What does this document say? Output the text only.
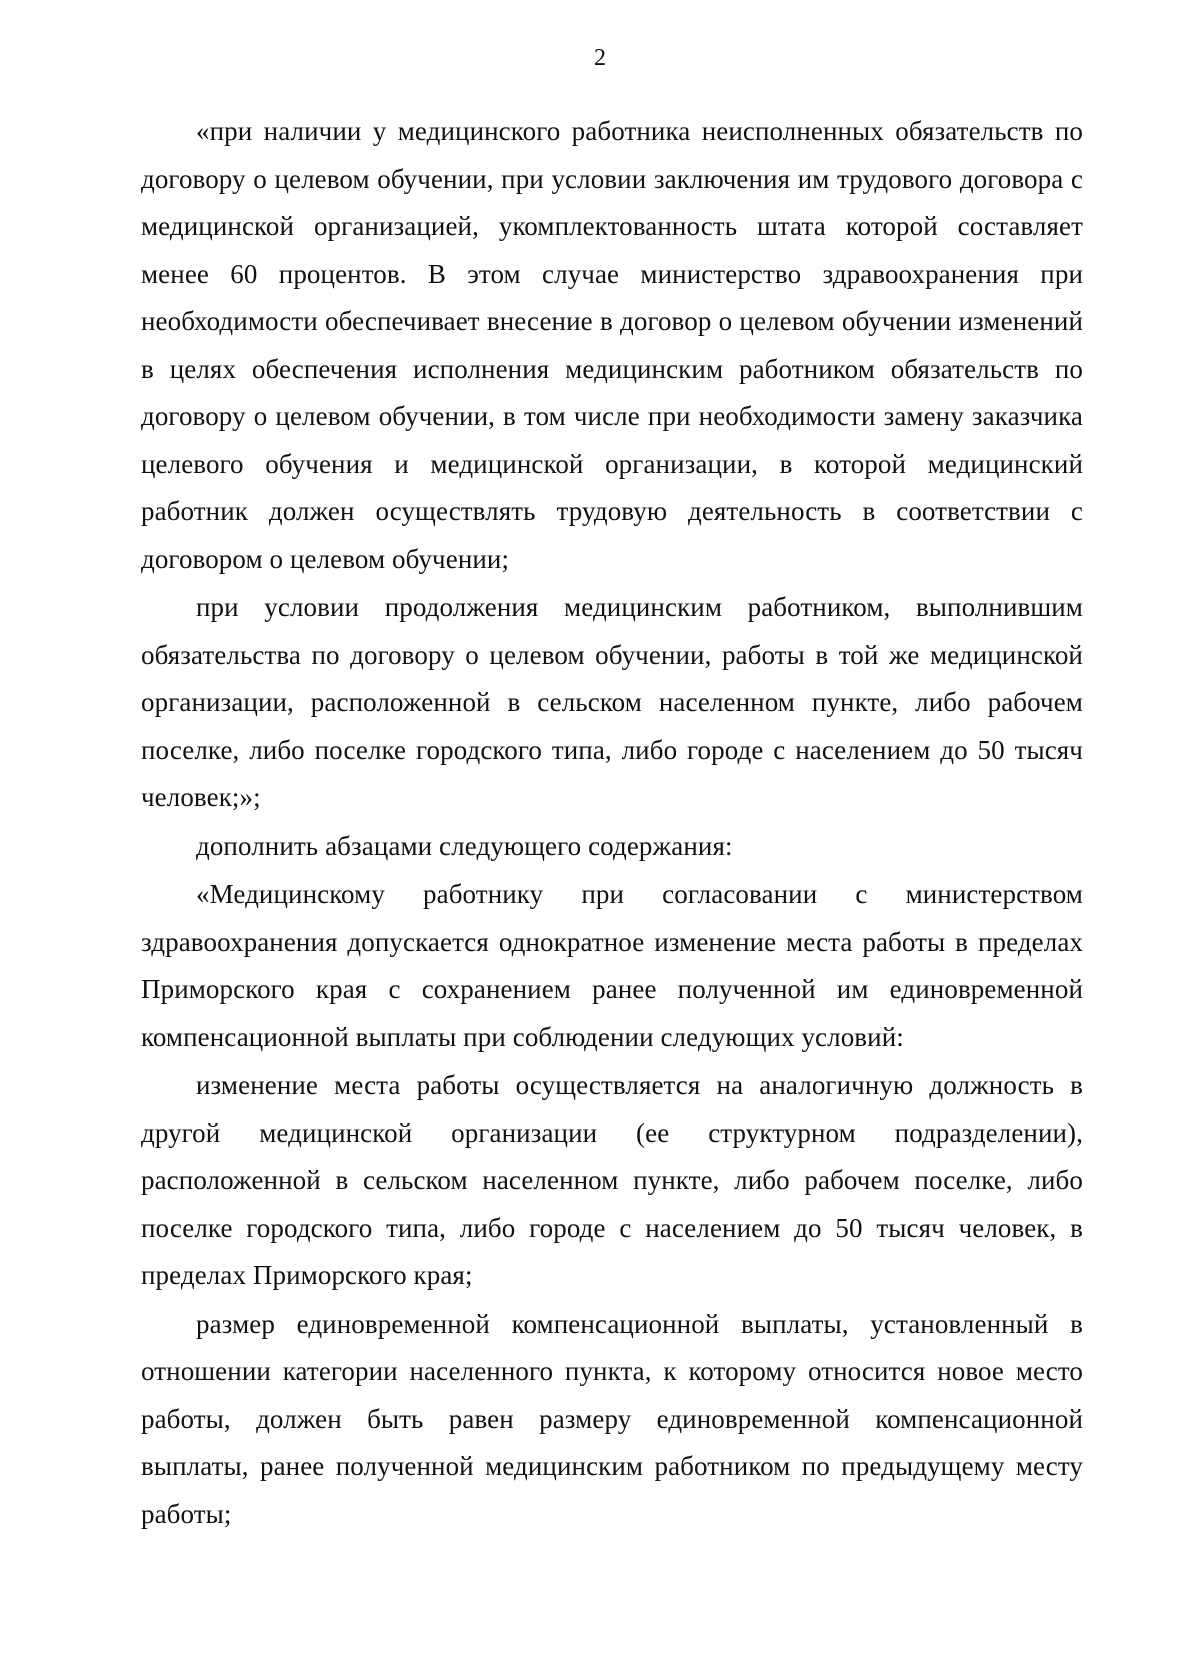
2

«при наличии у медицинского работника неисполненных обязательств по договору о целевом обучении, при условии заключения им трудового договора с медицинской организацией, укомплектованность штата которой составляет менее 60 процентов. В этом случае министерство здравоохранения при необходимости обеспечивает внесение в договор о целевом обучении изменений в целях обеспечения исполнения медицинским работником обязательств по договору о целевом обучении, в том числе при необходимости замену заказчика целевого обучения и медицинской организации, в которой медицинский работник должен осуществлять трудовую деятельность в соответствии с договором о целевом обучении;

при условии продолжения медицинским работником, выполнившим обязательства по договору о целевом обучении, работы в той же медицинской организации, расположенной в сельском населенном пункте, либо рабочем поселке, либо поселке городского типа, либо городе с населением до 50 тысяч человек;»;

дополнить абзацами следующего содержания:

«Медицинскому работнику при согласовании с министерством здравоохранения допускается однократное изменение места работы в пределах Приморского края с сохранением ранее полученной им единовременной компенсационной выплаты при соблюдении следующих условий:

изменение места работы осуществляется на аналогичную должность в другой медицинской организации (ее структурном подразделении), расположенной в сельском населенном пункте, либо рабочем поселке, либо поселке городского типа, либо городе с населением до 50 тысяч человек, в пределах Приморского края;

размер единовременной компенсационной выплаты, установленный в отношении категории населенного пункта, к которому относится новое место работы, должен быть равен размеру единовременной компенсационной выплаты, ранее полученной медицинским работником по предыдущему месту работы;
